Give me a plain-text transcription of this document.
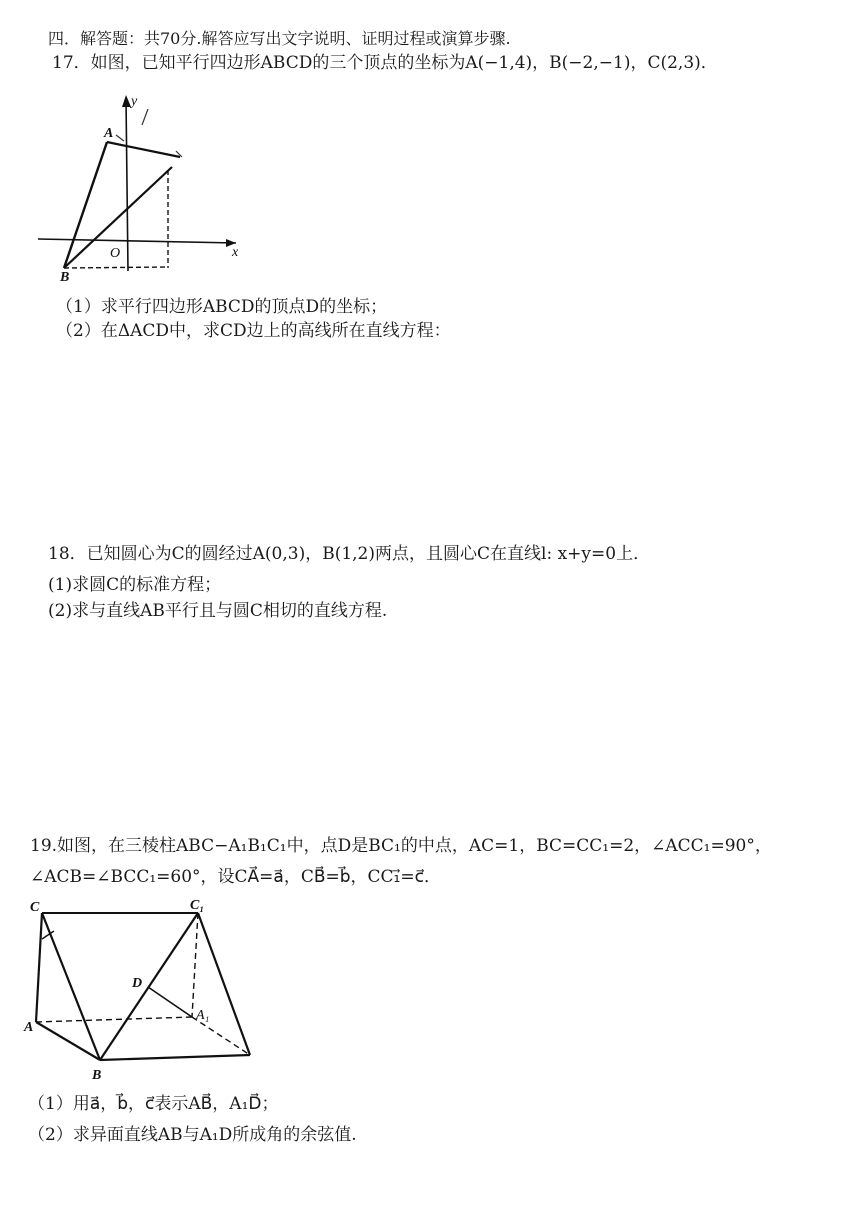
四．解答题：共70分.解答应写出文字说明、证明过程或演算步骤.
17．如图，已知平行四边形ABCD的三个顶点的坐标为A(−1,4)，B(−2,−1)，C(2,3)．
y
A
O	x
B
（1）求平行四边形ABCD的顶点D的坐标；
（2）在ΔACD中，求CD边上的高线所在直线方程：
18．已知圆心为C的圆经过A(0,3)，B(1,2)两点，且圆心C在直线l: x+y=0上．
(1)求圆C的标准方程；
(2)求与直线AB平行且与圆C相切的直线方程.
19.如图，在三棱柱ABC−A₁B₁C₁中，点D是BC₁的中点，AC=1，BC=CC₁=2，∠ACC₁=90°，
∠ACB=∠BCC₁=60°，设CA⃗=a⃗，CB⃗=b⃗，CC₁⃗=c⃗．
C	C₁
D
A
A₁
B
（1）用a⃗，b⃗，c⃗表示AB⃗，A₁D⃗；
（2）求异面直线AB与A₁D所成角的余弦值.
